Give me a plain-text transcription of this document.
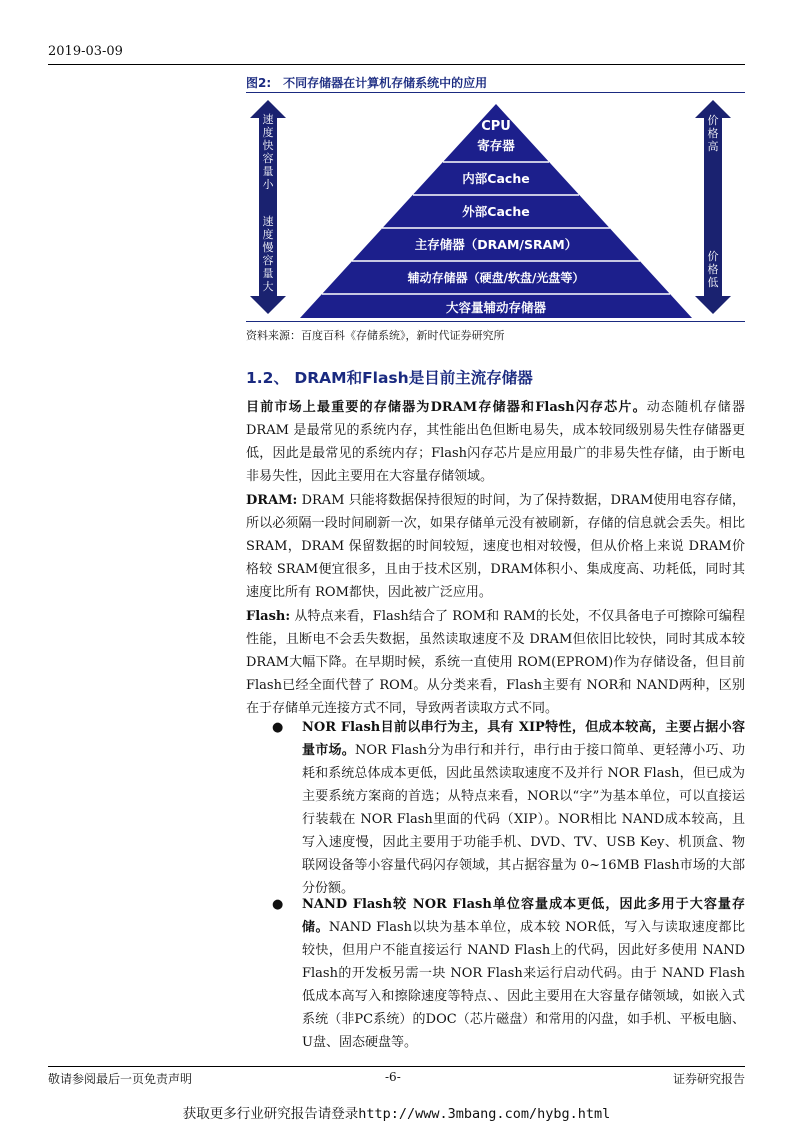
2019-03-09
图2:　不同存储器在计算机存储系统中的应用
速
度
快
容
量
小
速
度
慢
容
量
大
CPU
寄存器
内部Cache
外部Cache
主存储器（DRAM/SRAM）
辅动存储器（硬盘/软盘/光盘等）
大容量辅动存储器
价
格
高
价
格
低
资料来源：百度百科《存储系统》，新时代证券研究所
1.2、 DRAM和Flash是目前主流存储器

目前市场上最重要的存储器为DRAM存储器和Flash闪存芯片。动态随机存储器DRAM 是最常见的系统内存，其性能出色但断电易失，成本较同级别易失性存储器更低，因此是最常见的系统内存；Flash闪存芯片是应用最广的非易失性存储，由于断电非易失性，因此主要用在大容量存储领域。

DRAM: DRAM 只能将数据保持很短的时间，为了保持数据，DRAM使用电容存储，所以必须隔一段时间刷新一次，如果存储单元没有被刷新，存储的信息就会丢失。相比 SRAM，DRAM 保留数据的时间较短，速度也相对较慢，但从价格上来说 DRAM价格较 SRAM便宜很多，且由于技术区别，DRAM体积小、集成度高、功耗低，同时其速度比所有 ROM都快，因此被广泛应用。

Flash: 从特点来看，Flash结合了 ROM和 RAM的长处，不仅具备电子可擦除可编程性能，且断电不会丢失数据，虽然读取速度不及 DRAM但依旧比较快，同时其成本较 DRAM大幅下降。在早期时候，系统一直使用 ROM(EPROM)作为存储设备，但目前 Flash已经全面代替了 ROM。从分类来看，Flash主要有 NOR和 NAND两种，区别在于存储单元连接方式不同，导致两者读取方式不同。

● NOR Flash目前以串行为主，具有 XIP特性，但成本较高，主要占据小容量市场。NOR Flash分为串行和并行，串行由于接口简单、更轻薄小巧、功耗和系统总体成本更低，因此虽然读取速度不及并行 NOR Flash，但已成为主要系统方案商的首选；从特点来看，NOR以“字”为基本单位，可以直接运行装载在 NOR Flash里面的代码（XIP）。NOR相比 NAND成本较高，且写入速度慢，因此主要用于功能手机、DVD、TV、USB Key、机顶盒、物联网设备等小容量代码闪存领域，其占据容量为 0~16MB Flash市场的大部分份额。

● NAND Flash较 NOR Flash单位容量成本更低，因此多用于大容量存储。NAND Flash以块为基本单位，成本较 NOR低，写入与读取速度都比较快，但用户不能直接运行 NAND Flash上的代码，因此好多使用 NAND Flash的开发板另需一块 NOR Flash来运行启动代码。由于 NAND Flash低成本高写入和擦除速度等特点、、因此主要用在大容量存储领域，如嵌入式系统（非PC系统）的DOC（芯片磁盘）和常用的闪盘，如手机、平板电脑、U盘、固态硬盘等。

敬请参阅最后一页免责声明	-6-	证券研究报告
获取更多行业研究报告请登录http://www.3mbang.com/hybg.html
